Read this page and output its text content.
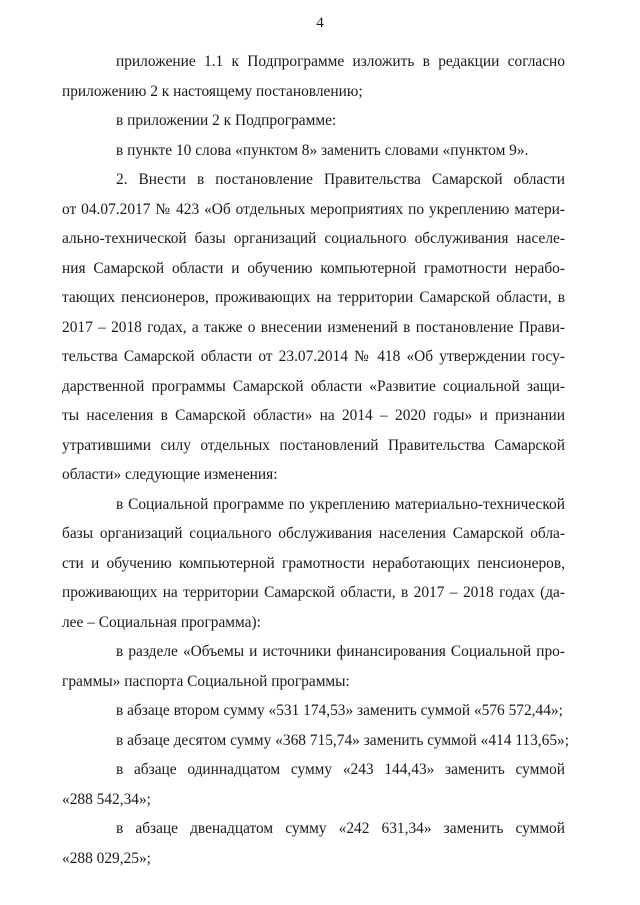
4
приложение 1.1 к Подпрограмме изложить в редакции согласно
приложению 2 к настоящему постановлению;
в приложении 2 к Подпрограмме:
в пункте 10 слова «пунктом 8» заменить словами «пунктом 9».
2. Внести в постановление Правительства Самарской области
от 04.07.2017 № 423 «Об отдельных мероприятиях по укреплению матери-
ально-технической базы организаций социального обслуживания населе-
ния Самарской области и обучению компьютерной грамотности нерабо-
тающих пенсионеров, проживающих на территории Самарской области, в
2017 – 2018 годах, а также о внесении изменений в постановление Прави-
тельства Самарской области от 23.07.2014 № 418 «Об утверждении госу-
дарственной программы Самарской области «Развитие социальной защи-
ты населения в Самарской области» на 2014 – 2020 годы» и признании
утратившими силу отдельных постановлений Правительства Самарской
области» следующие изменения:
в Социальной программе по укреплению материально-технической
базы организаций социального обслуживания населения Самарской обла-
сти и обучению компьютерной грамотности неработающих пенсионеров,
проживающих на территории Самарской области, в 2017 – 2018 годах (да-
лее – Социальная программа):
в разделе «Объемы и источники финансирования Социальной про-
граммы» паспорта Социальной программы:
в абзаце втором сумму «531 174,53» заменить суммой «576 572,44»;
в абзаце десятом сумму «368 715,74» заменить суммой «414 113,65»;
в абзаце одиннадцатом сумму «243 144,43» заменить суммой
«288 542,34»;
в абзаце двенадцатом сумму «242 631,34» заменить суммой
«288 029,25»;
